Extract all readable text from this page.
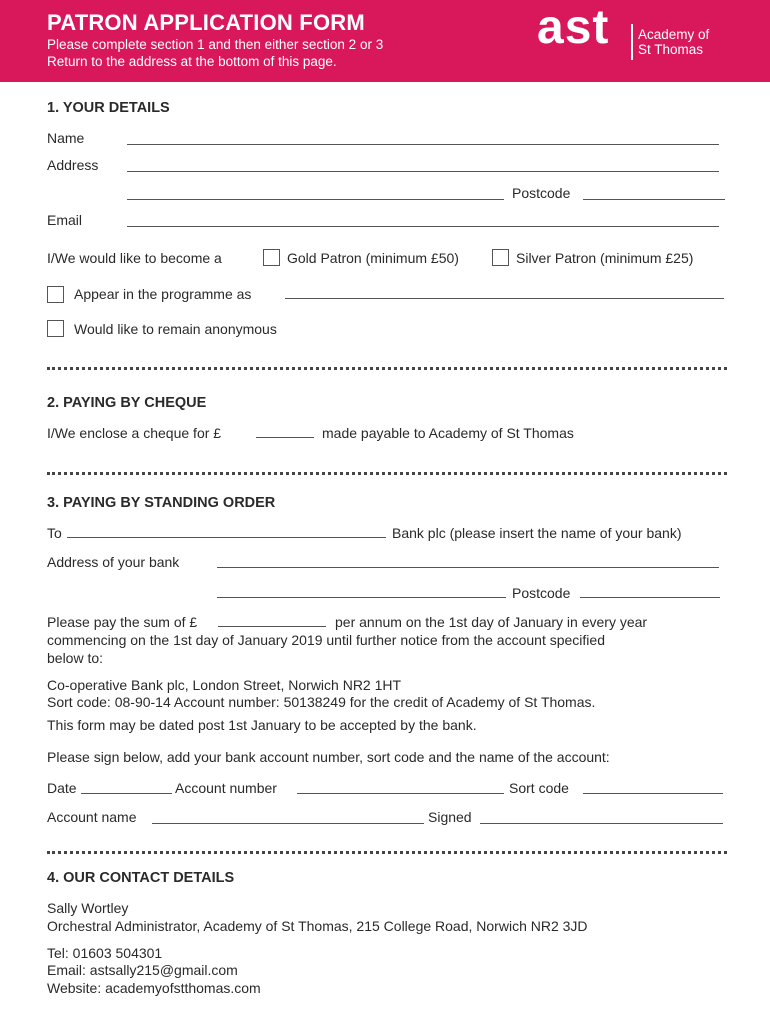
PATRON APPLICATION FORM
Please complete section 1 and then either section 2 or 3
Return to the address at the bottom of this page.
ast Academy of
St Thomas
1. YOUR DETAILS
Name
Address
Postcode
Email
I/We would like to become a	Gold Patron (minimum £50)	Silver Patron (minimum £25)
Appear in the programme as
Would like to remain anonymous
2. PAYING BY CHEQUE
I/We enclose a cheque for £	made payable to Academy of St Thomas
3. PAYING BY STANDING ORDER
To	Bank plc (please insert the name of your bank)
Address of your bank
Postcode
Please pay the sum of £	per annum on the 1st day of January in every year
commencing on the 1st day of January 2019 until further notice from the account specified
below to:
Co-operative Bank plc, London Street, Norwich NR2 1HT
Sort code: 08-90-14 Account number: 50138249 for the credit of Academy of St Thomas.
This form may be dated post 1st January to be accepted by the bank.
Please sign below, add your bank account number, sort code and the name of the account:
Date	Account number	Sort code
Account name	Signed
4. OUR CONTACT DETAILS
Sally Wortley
Orchestral Administrator, Academy of St Thomas, 215 College Road, Norwich NR2 3JD
Tel: 01603 504301
Email: astsally215@gmail.com
Website: academyofstthomas.com
